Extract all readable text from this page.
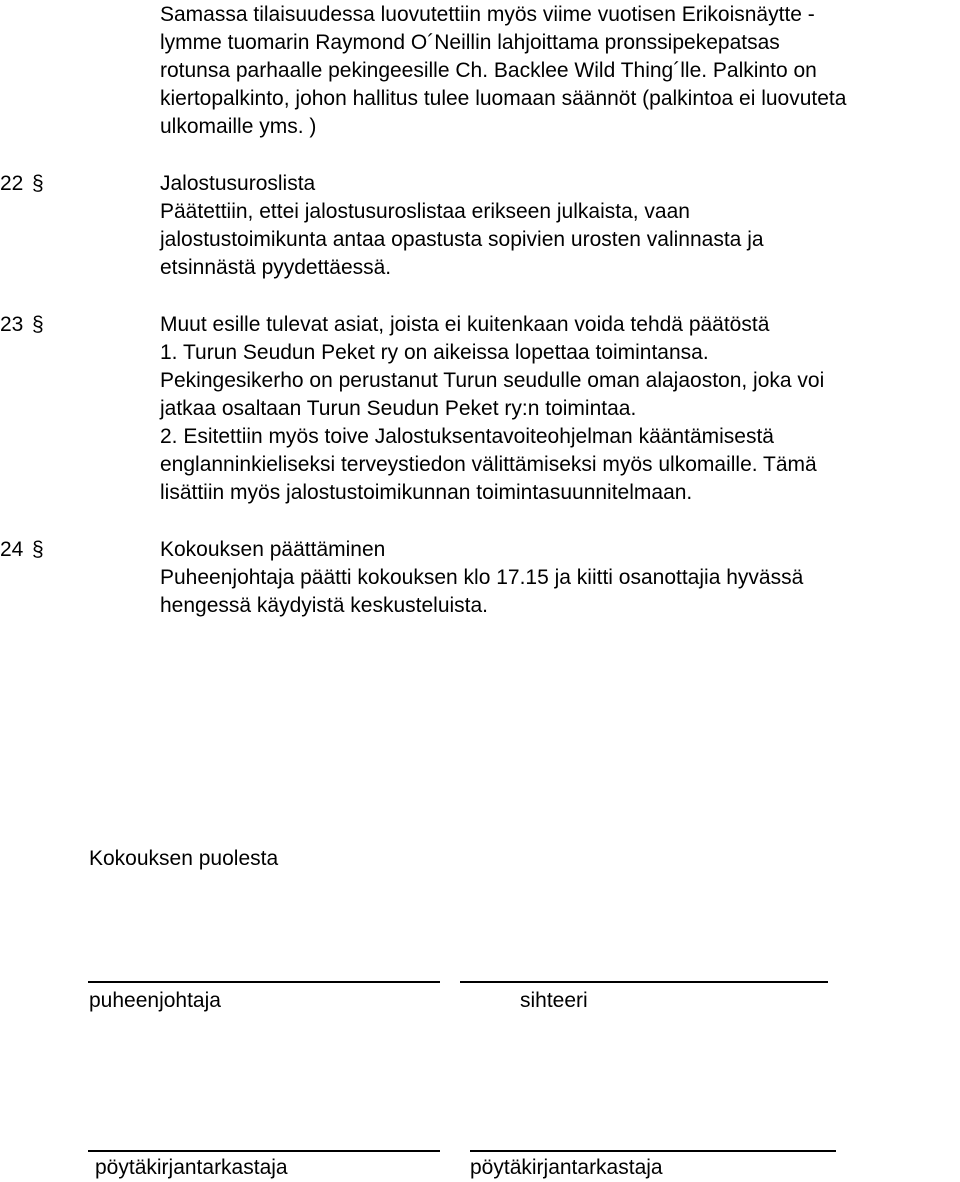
Samassa tilaisuudessa luovutettiin myös viime vuotisen Erikoisnäytte -
lymme tuomarin Raymond O´Neillin lahjoittama pronssipekepatsas
rotunsa parhaalle pekingeesille Ch. Backlee Wild Thing´lle. Palkinto on
kiertopalkinto, johon hallitus tulee luomaan säännöt (palkintoa ei luovuteta
ulkomaille yms. )
22 §	Jalostusuroslista
Päätettiin, ettei jalostusuroslistaa erikseen julkaista, vaan
jalostustoimikunta antaa opastusta sopivien urosten valinnasta ja
etsinnästä pyydettäessä.
23 §	Muut esille tulevat asiat, joista ei kuitenkaan voida tehdä päätöstä
1. Turun Seudun Peket ry on aikeissa lopettaa toimintansa.
Pekingesikerho on perustanut Turun seudulle oman alajaoston, joka voi
jatkaa osaltaan Turun Seudun Peket ry:n toimintaa.
2. Esitettiin myös toive Jalostuksentavoiteohjelman kääntämisestä
englanninkieliseksi terveystiedon välittämiseksi myös ulkomaille. Tämä
lisättiin myös jalostustoimikunnan toimintasuunnitelmaan.
24 §	Kokouksen päättäminen
Puheenjohtaja päätti kokouksen klo 17.15 ja kiitti osanottajia hyvässä
hengessä käydyistä keskusteluista.
Kokouksen puolesta
puheenjohtaja	sihteeri
pöytäkirjantarkastaja	pöytäkirjantarkastaja
